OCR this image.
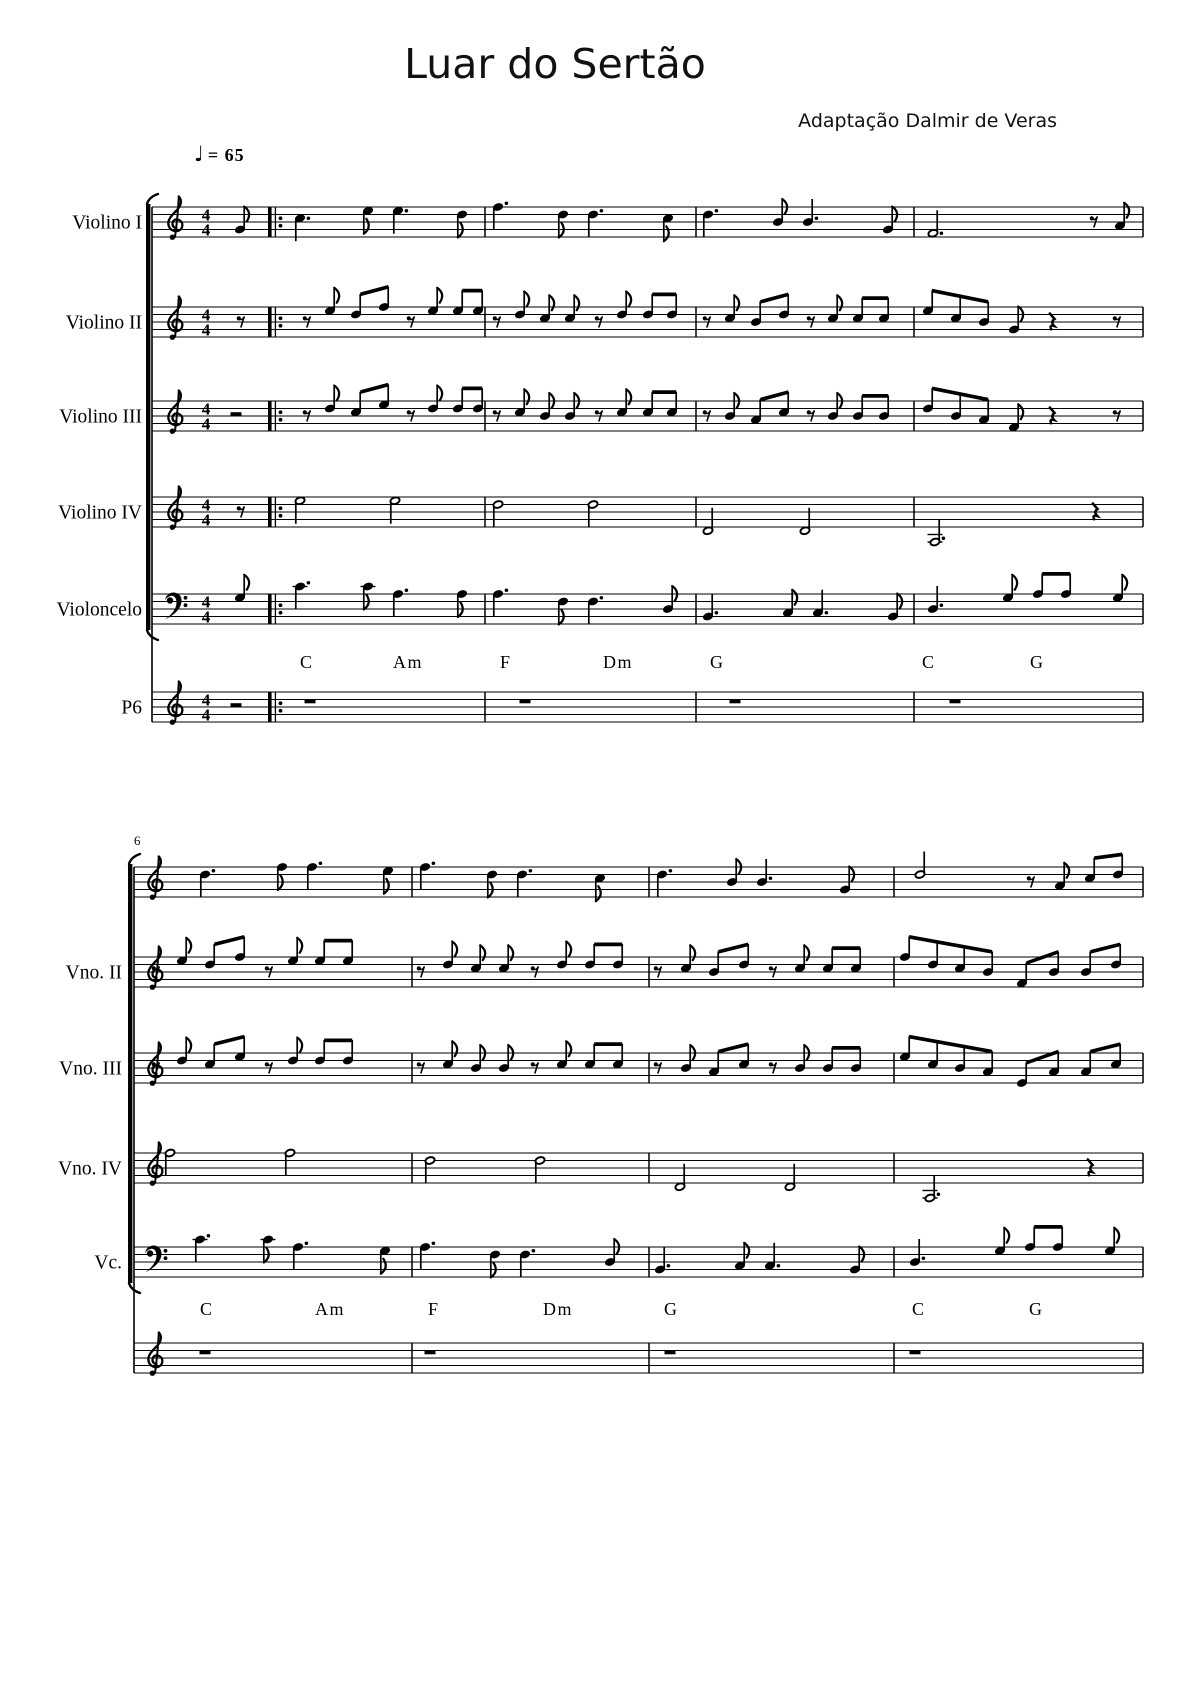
Luar do Sertão
Adaptação Dalmir de Veras
♩ = 65
4
4
Violino I
4
4
Violino II
4
4
Violino III
4
4
Violino IV
4
4
Violoncelo
4
4
P6
C	Am	F	Dm	G	C	G
6
Vno. II
Vno. III
Vno. IV
Vc.
C	Am	F	Dm	G	C	G
